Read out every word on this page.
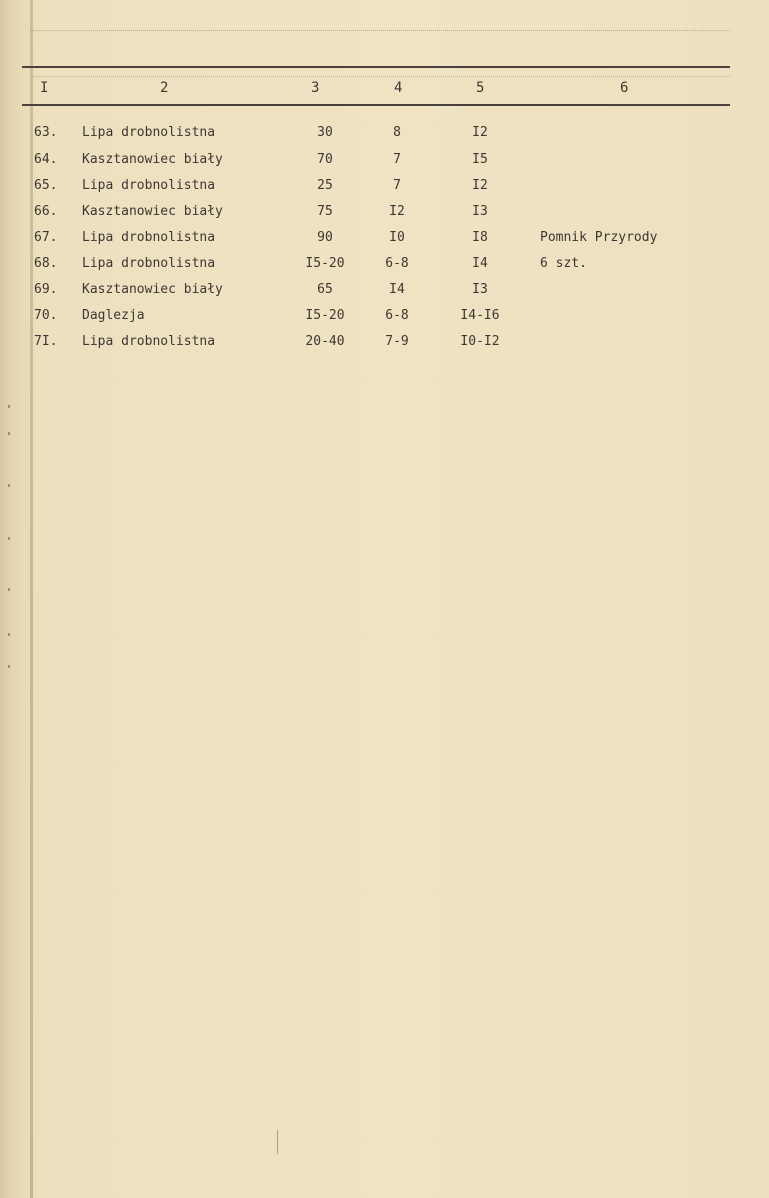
I	2	3	4	5	6
63. Lipa drobnolistna	30	8	I2
64. Kasztanowiec biały	70	7	I5
65. Lipa drobnolistna	25	7	I2
66. Kasztanowiec biały	75	I2	I3
67. Lipa drobnolistna	90	I0	I8	Pomnik Przyrody
68. Lipa drobnolistna	I5-20	6-8	I4	6 szt.
69. Kasztanowiec biały	65	I4	I3
70. Daglezja	I5-20	6-8	I4-I6
7I. Lipa drobnolistna	20-40	7-9	I0-I2
